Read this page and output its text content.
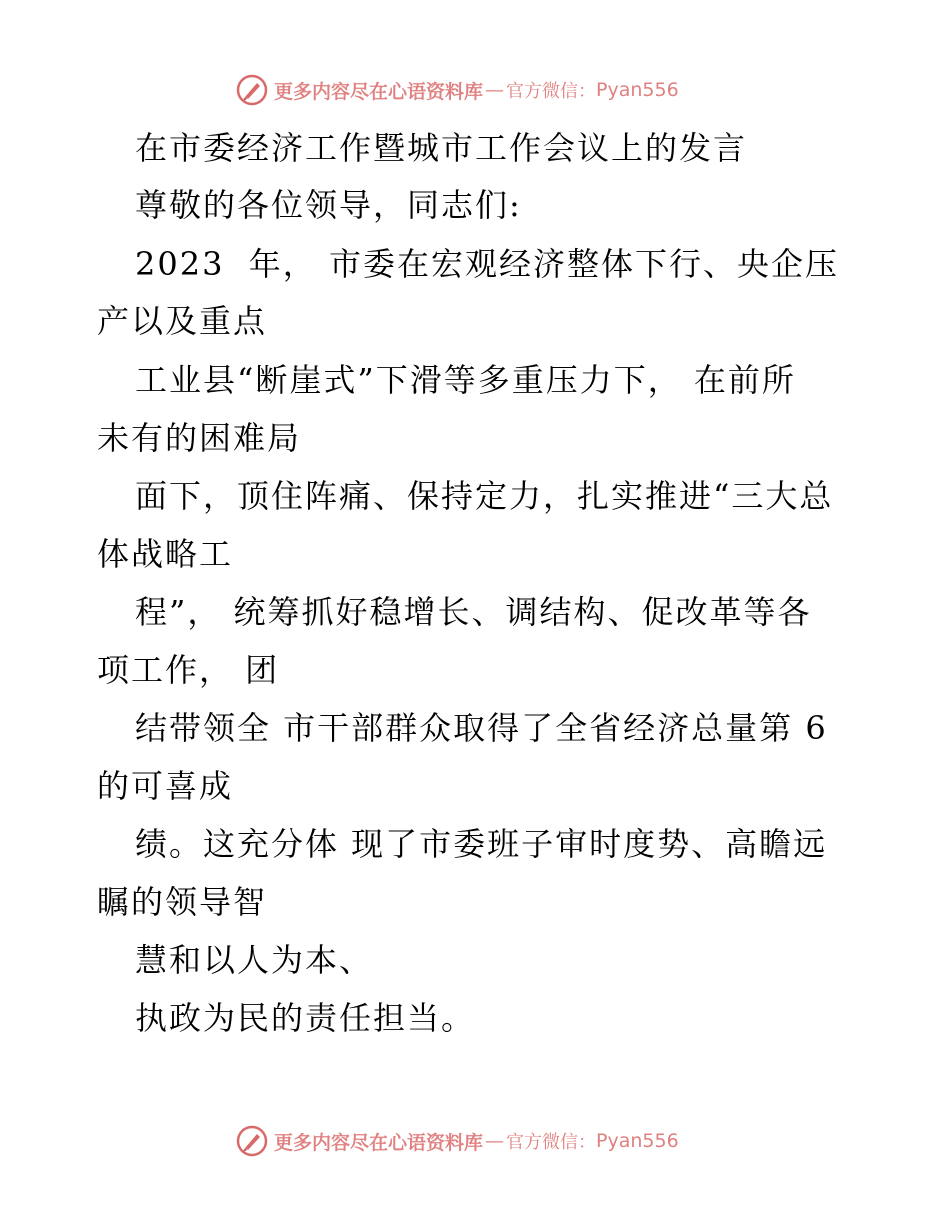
更多内容尽在心语资料库 — 官方微信： Pyan556
在市委经济工作暨城市工作会议上的发言
尊敬的各位领导，同志们:
2023  年， 市委在宏观经济整体下行、央企压
产以及重点
工业县“断崖式”下滑等多重压力下， 在前所
未有的困难局
面下，顶住阵痛、保持定力，扎实推进“三大总
体战略工
程”， 统筹抓好稳增长、调结构、促改革等各
项工作， 团
结带领全 市干部群众取得了全省经济总量第 6
的可喜成
绩。这充分体 现了市委班子审时度势、高瞻远
瞩的领导智
慧和以人为本、
执政为民的责任担当。
更多内容尽在心语资料库 — 官方微信： Pyan556
